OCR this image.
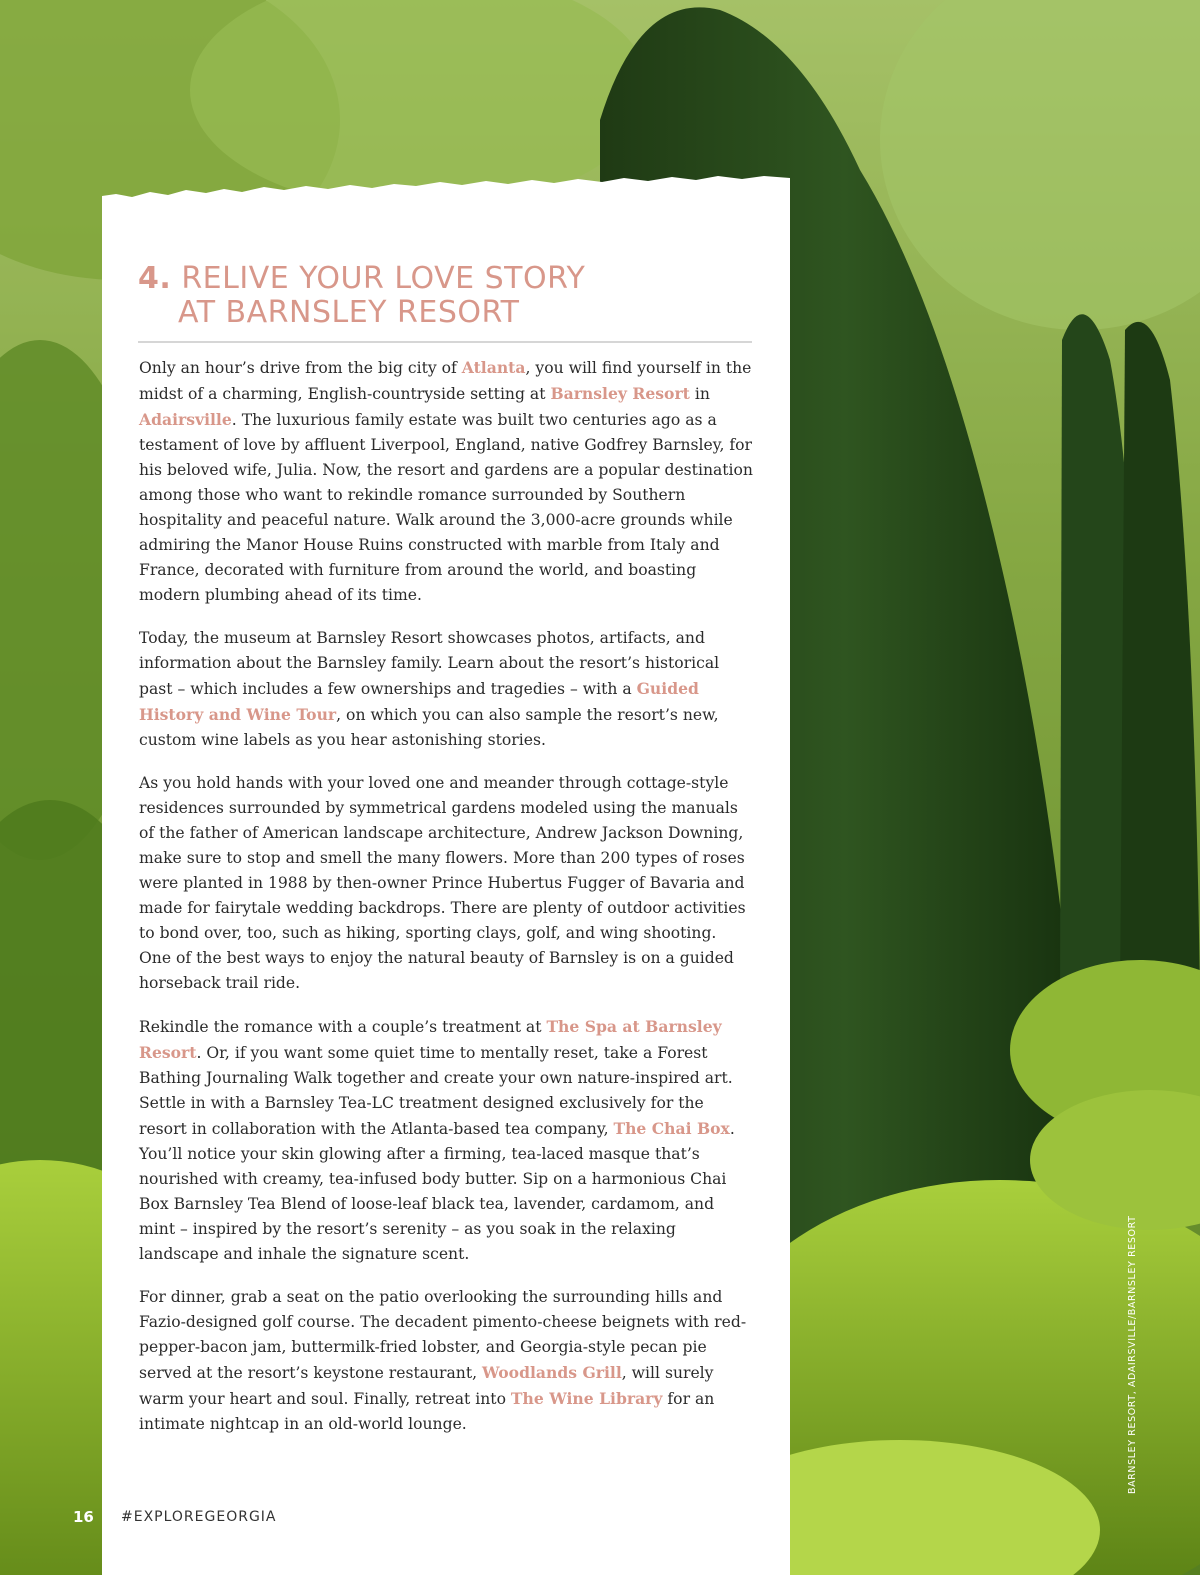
4. RELIVE YOUR LOVE STORY
AT BARNSLEY RESORT

Only an hour’s drive from the big city of Atlanta, you will find yourself in the midst of a charming, English-countryside setting at Barnsley Resort in Adairsville. The luxurious family estate was built two centuries ago as a testament of love by affluent Liverpool, England, native Godfrey Barnsley, for his beloved wife, Julia. Now, the resort and gardens are a popular destination among those who want to rekindle romance surrounded by Southern hospitality and peaceful nature. Walk around the 3,000-acre grounds while admiring the Manor House Ruins constructed with marble from Italy and France, decorated with furniture from around the world, and boasting modern plumbing ahead of its time.

Today, the museum at Barnsley Resort showcases photos, artifacts, and information about the Barnsley family. Learn about the resort’s historical past – which includes a few ownerships and tragedies – with a Guided History and Wine Tour, on which you can also sample the resort’s new, custom wine labels as you hear astonishing stories.

As you hold hands with your loved one and meander through cottage-style residences surrounded by symmetrical gardens modeled using the manuals of the father of American landscape architecture, Andrew Jackson Downing, make sure to stop and smell the many flowers. More than 200 types of roses were planted in 1988 by then-owner Prince Hubertus Fugger of Bavaria and made for fairytale wedding backdrops. There are plenty of outdoor activities to bond over, too, such as hiking, sporting clays, golf, and wing shooting. One of the best ways to enjoy the natural beauty of Barnsley is on a guided horseback trail ride.

Rekindle the romance with a couple’s treatment at The Spa at Barnsley Resort. Or, if you want some quiet time to mentally reset, take a Forest Bathing Journaling Walk together and create your own nature-inspired art. Settle in with a Barnsley Tea-LC treatment designed exclusively for the resort in collaboration with the Atlanta-based tea company, The Chai Box. You’ll notice your skin glowing after a firming, tea-laced masque that’s nourished with creamy, tea-infused body butter. Sip on a harmonious Chai Box Barnsley Tea Blend of loose-leaf black tea, lavender, cardamom, and mint – inspired by the resort’s serenity – as you soak in the relaxing landscape and inhale the signature scent.

For dinner, grab a seat on the patio overlooking the surrounding hills and Fazio-designed golf course. The decadent pimento-cheese beignets with red-pepper-bacon jam, buttermilk-fried lobster, and Georgia-style pecan pie served at the resort’s keystone restaurant, Woodlands Grill, will surely warm your heart and soul. Finally, retreat into The Wine Library for an intimate nightcap in an old-world lounge.

16 #EXPLOREGEORGIA
BARNSLEY RESORT, ADAIRSVILLE/BARNSLEY RESORT
